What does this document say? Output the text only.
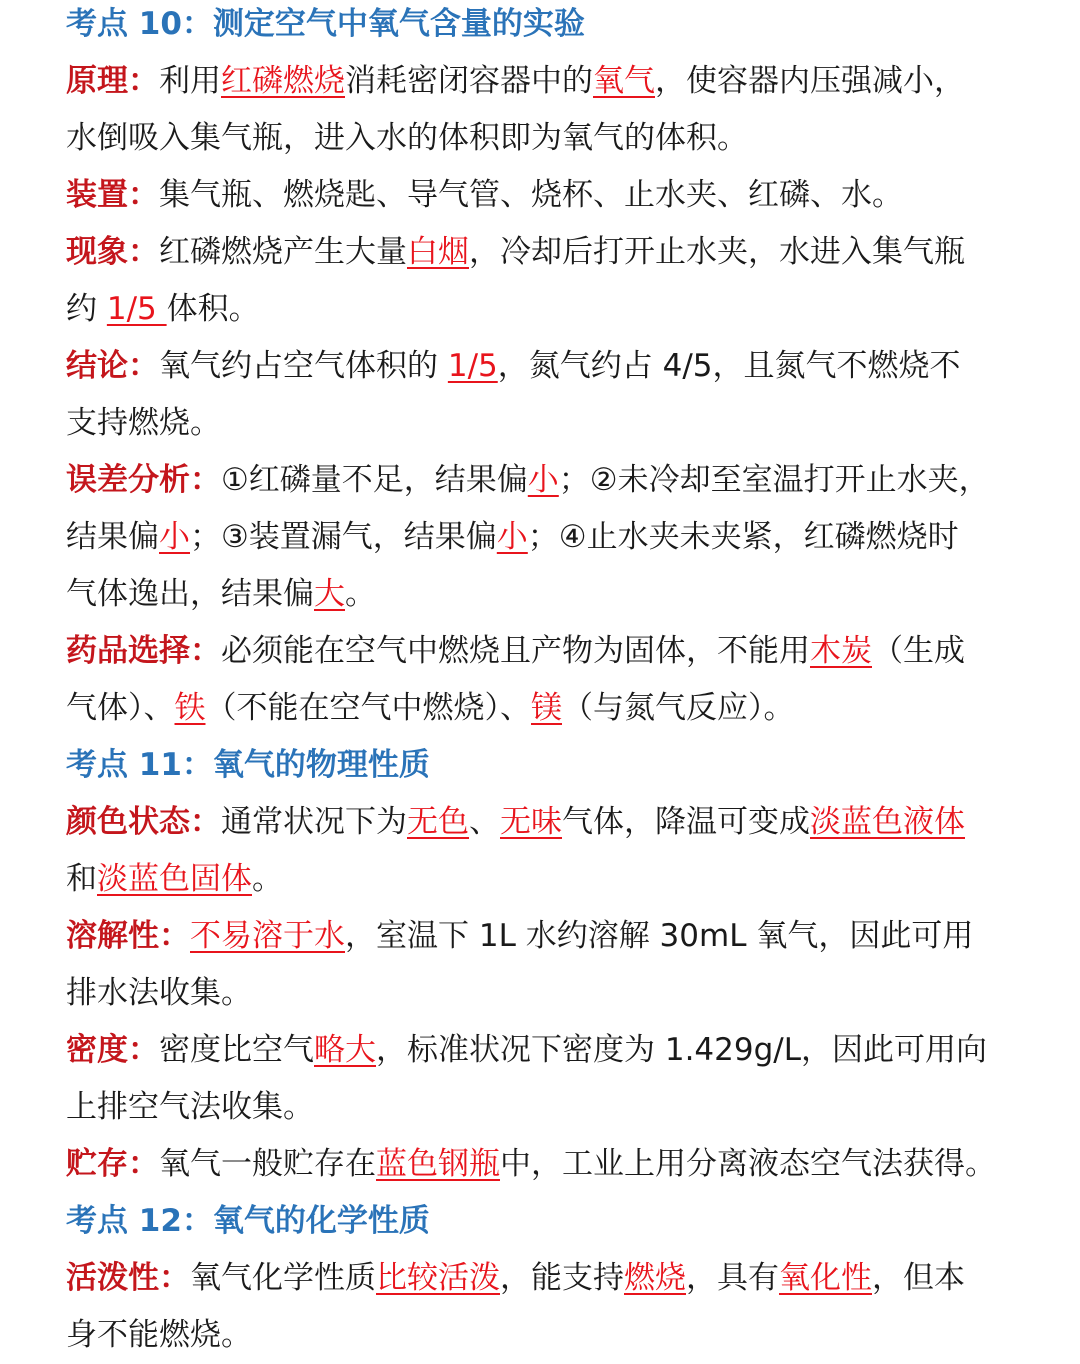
考点 10：测定空气中氧气含量的实验
原理：利用红磷燃烧消耗密闭容器中的氧气，使容器内压强减小，
水倒吸入集气瓶，进入水的体积即为氧气的体积。
装置：集气瓶、燃烧匙、导气管、烧杯、止水夹、红磷、水。
现象：红磷燃烧产生大量白烟，冷却后打开止水夹，水进入集气瓶
约 1/5 体积。
结论：氧气约占空气体积的 1/5，氮气约占 4/5，且氮气不燃烧不
支持燃烧。
误差分析：①红磷量不足，结果偏小；②未冷却至室温打开止水夹，
结果偏小；③装置漏气，结果偏小；④止水夹未夹紧，红磷燃烧时
气体逸出，结果偏大。
药品选择：必须能在空气中燃烧且产物为固体，不能用木炭（生成
气体）、铁（不能在空气中燃烧）、镁（与氮气反应）。
考点 11：氧气的物理性质
颜色状态：通常状况下为无色、无味气体，降温可变成淡蓝色液体
和淡蓝色固体。
溶解性：不易溶于水，室温下 1L 水约溶解 30mL 氧气，因此可用
排水法收集。
密度：密度比空气略大，标准状况下密度为 1.429g/L，因此可用向
上排空气法收集。
贮存：氧气一般贮存在蓝色钢瓶中，工业上用分离液态空气法获得。
考点 12：氧气的化学性质
活泼性：氧气化学性质比较活泼，能支持燃烧，具有氧化性，但本
身不能燃烧。
